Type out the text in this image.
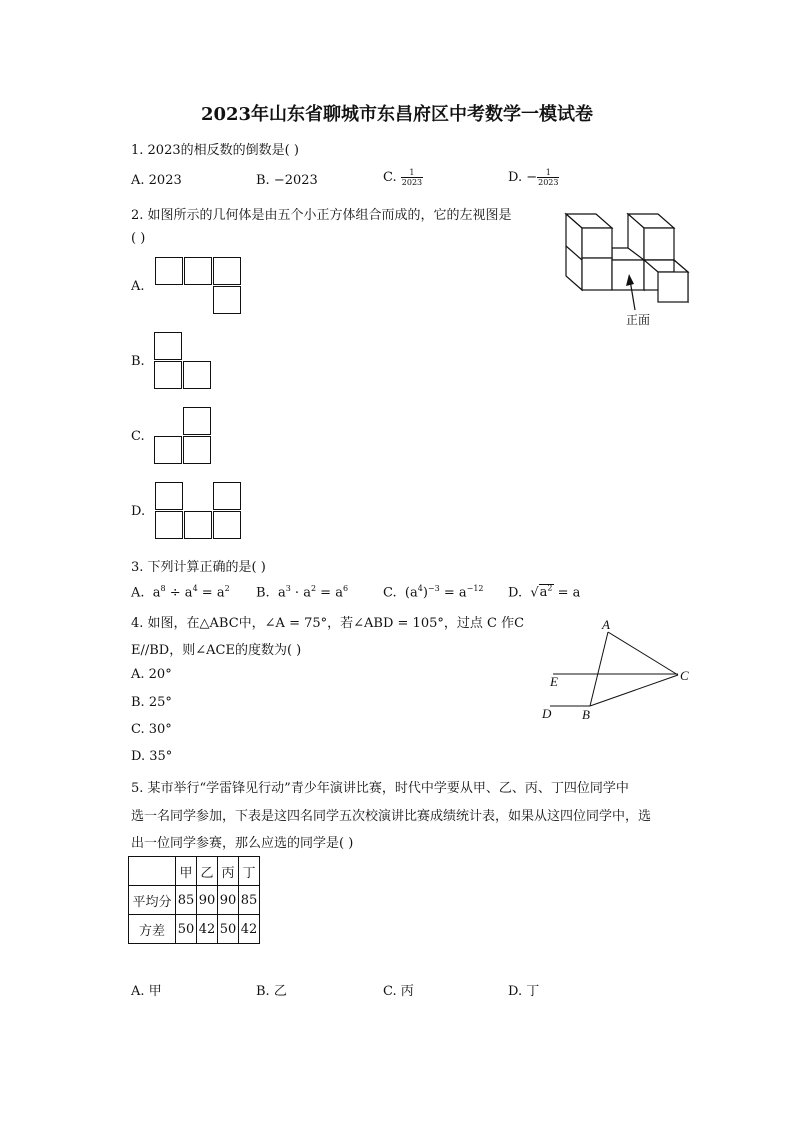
2023年山东省聊城市东昌府区中考数学一模试卷
1. 2023的相反数的倒数是( )
A. 2023	B. −2023	C. $\frac{1}{2023}$	D. − $\frac{1}{2023}$
2. 如图所示的几何体是由五个小正方体组合而成的，它的左视图是
( )
正面
A.
B.
C.
D.
3. 下列计算正确的是( )
A.  $a^8 \div a^4 = a^2$ B.  $a^3 \cdot a^2 = a^6$	C.  $(a^4)^{-3} = a^{-12}$ D.  $√a^2 = a$
4. 如图，在△ABC中，∠A = 75°，若∠ABD = 105°，过点 C 作C
E//BD，则∠ACE的度数为( )
A. 20°
B. 25°
C. 30°
D. 35°
A
C
E
D B
5. 某市举行“学雷锋见行动”青少年演讲比赛，时代中学要从甲、乙、丙、丁四位同学中
选一名同学参加，下表是这四名同学五次校演讲比赛成绩统计表，如果从这四位同学中，选
出一位同学参赛，那么应选的同学是( )
	甲	乙	丙	丁
平均分	85	90	90	85
方差	50	42	50	42
A. 甲	B. 乙	C. 丙	D. 丁
